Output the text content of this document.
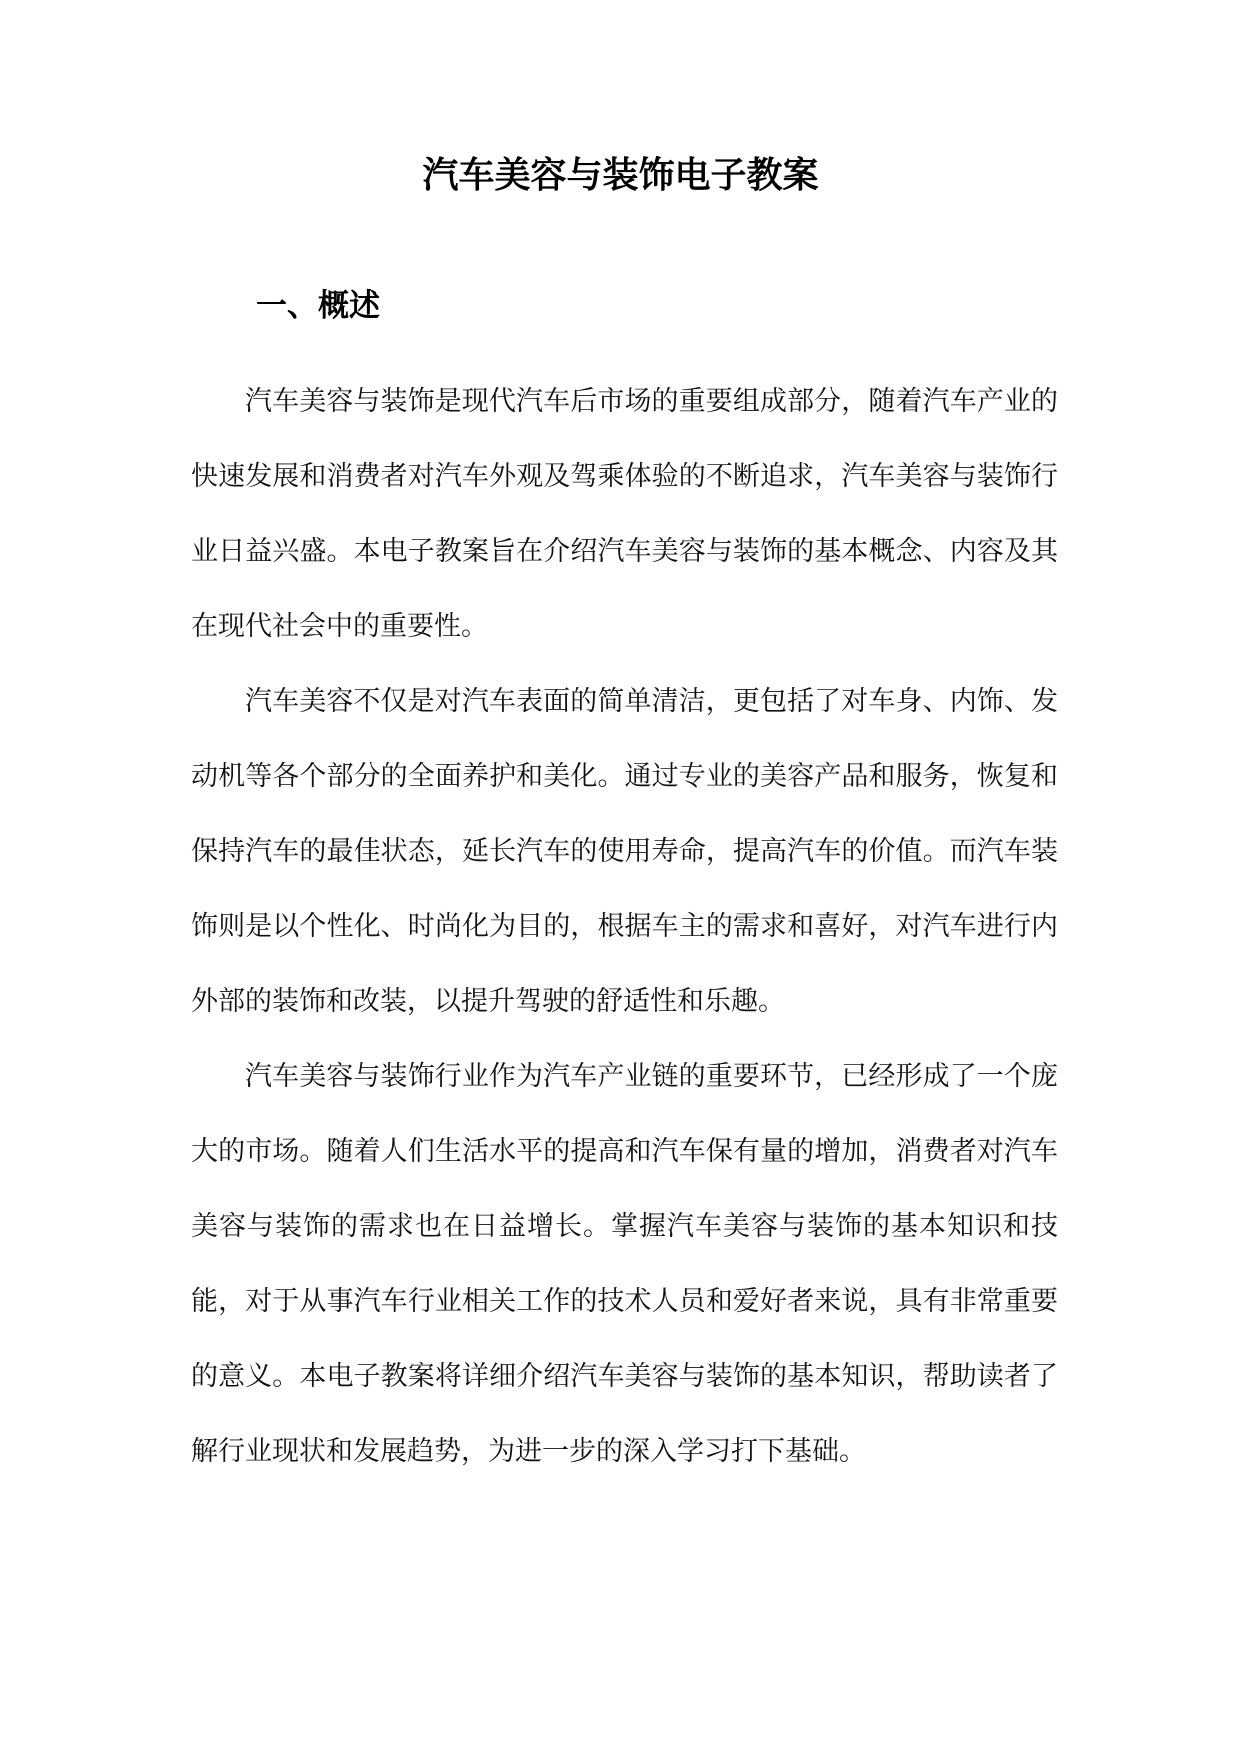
汽车美容与装饰电子教案
一、概述

汽车美容与装饰是现代汽车后市场的重要组成部分，随着汽车产业的快速发展和消费者对汽车外观及驾乘体验的不断追求，汽车美容与装饰行业日益兴盛。本电子教案旨在介绍汽车美容与装饰的基本概念、内容及其在现代社会中的重要性。

汽车美容不仅是对汽车表面的简单清洁，更包括了对车身、内饰、发动机等各个部分的全面养护和美化。通过专业的美容产品和服务，恢复和保持汽车的最佳状态，延长汽车的使用寿命，提高汽车的价值。而汽车装饰则是以个性化、时尚化为目的，根据车主的需求和喜好，对汽车进行内外部的装饰和改装，以提升驾驶的舒适性和乐趣。

汽车美容与装饰行业作为汽车产业链的重要环节，已经形成了一个庞大的市场。随着人们生活水平的提高和汽车保有量的增加，消费者对汽车美容与装饰的需求也在日益增长。掌握汽车美容与装饰的基本知识和技能，对于从事汽车行业相关工作的技术人员和爱好者来说，具有非常重要的意义。本电子教案将详细介绍汽车美容与装饰的基本知识，帮助读者了解行业现状和发展趋势，为进一步的深入学习打下基础。
